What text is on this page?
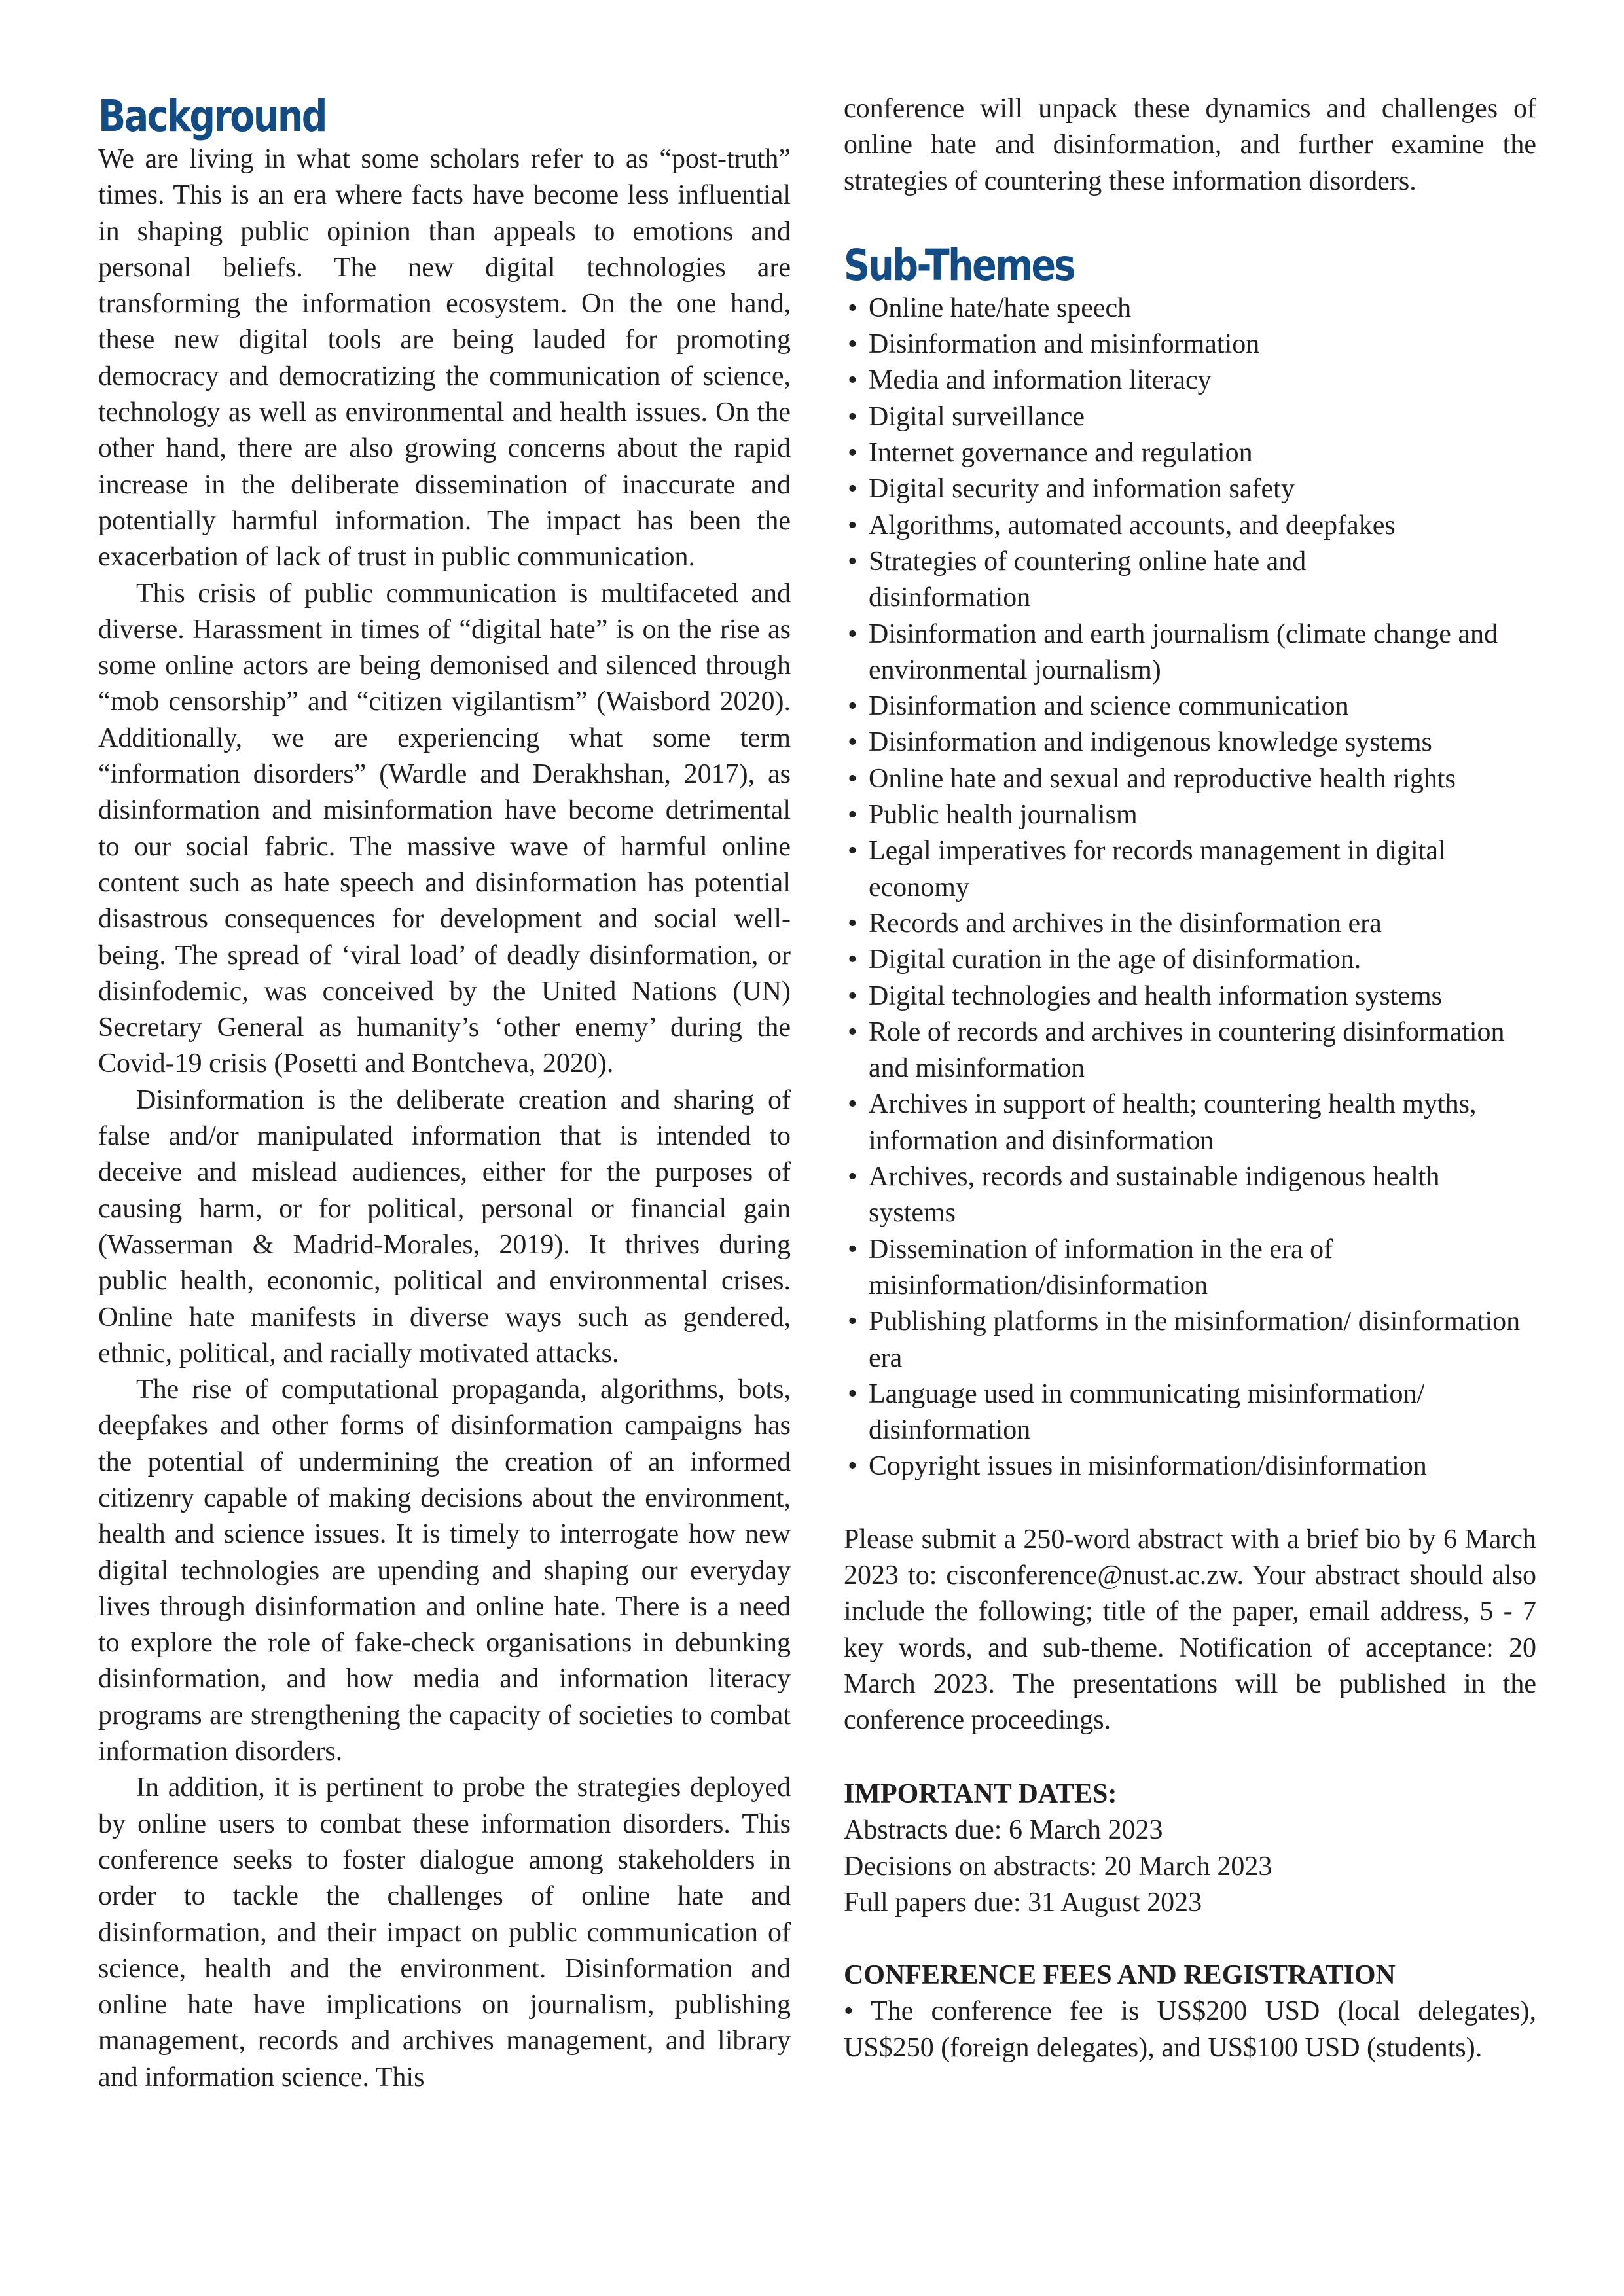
Background

We are living in what some scholars refer to as “post-truth” times. This is an era where facts have become less influential in shaping public opinion than appeals to emotions and personal beliefs. The new digital technologies are transforming the information ecosystem. On the one hand, these new digital tools are being lauded for promoting democracy and democratizing the communication of science, technology as well as environmental and health issues. On the other hand, there are also growing concerns about the rapid increase in the deliberate dissemination of inaccurate and potentially harmful information. The impact has been the exacerbation of lack of trust in public communication.

This crisis of public communication is multifaceted and diverse. Harassment in times of “digital hate” is on the rise as some online actors are being demonised and silenced through “mob censorship” and “citizen vigilantism” (Waisbord 2020). Additionally, we are experiencing what some term “information disorders” (Wardle and Derakhshan, 2017), as disinformation and misinformation have become detrimental to our social fabric. The massive wave of harmful online content such as hate speech and disinformation has potential disastrous consequences for development and social well-being. The spread of ‘viral load’ of deadly disinformation, or disinfodemic, was conceived by the United Nations (UN) Secretary General as humanity’s ‘other enemy’ during the Covid-19 crisis (Posetti and Bontcheva, 2020).

Disinformation is the deliberate creation and sharing of false and/or manipulated information that is intended to deceive and mislead audiences, either for the purposes of causing harm, or for political, personal or financial gain (Wasserman & Madrid-Morales, 2019). It thrives during public health, economic, political and environmental crises. Online hate manifests in diverse ways such as gendered, ethnic, political, and racially motivated attacks.

The rise of computational propaganda, algorithms, bots, deepfakes and other forms of disinformation campaigns has the potential of undermining the creation of an informed citizenry capable of making decisions about the environment, health and science issues. It is timely to interrogate how new digital technologies are upending and shaping our everyday lives through disinformation and online hate. There is a need to explore the role of fake-check organisations in debunking disinformation, and how media and information literacy programs are strengthening the capacity of societies to combat information disorders.

In addition, it is pertinent to probe the strategies deployed by online users to combat these information disorders. This conference seeks to foster dialogue among stakeholders in order to tackle the challenges of online hate and disinformation, and their impact on public communication of science, health and the environment. Disinformation and online hate have implications on journalism, publishing management, records and archives management, and library and information science. This

conference will unpack these dynamics and challenges of online hate and disinformation, and further examine the strategies of countering these information disorders.

Sub-Themes
• Online hate/hate speech
• Disinformation and misinformation
• Media and information literacy
• Digital surveillance
• Internet governance and regulation
• Digital security and information safety
• Algorithms, automated accounts, and deepfakes
• Strategies of countering online hate and disinformation
• Disinformation and earth journalism (climate change and environmental journalism)
• Disinformation and science communication
• Disinformation and indigenous knowledge systems
• Online hate and sexual and reproductive health rights
• Public health journalism
• Legal imperatives for records management in digital economy
• Records and archives in the disinformation era
• Digital curation in the age of disinformation.
• Digital technologies and health information systems
• Role of records and archives in countering disinformation and misinformation
• Archives in support of health; countering health myths, information and disinformation
• Archives, records and sustainable indigenous health systems
• Dissemination of information in the era of misinformation/disinformation
• Publishing platforms in the misinformation/ disinformation era
• Language used in communicating misinformation/ disinformation
• Copyright issues in misinformation/disinformation

Please submit a 250-word abstract with a brief bio by 6 March 2023 to: cisconference@nust.ac.zw. Your abstract should also include the following; title of the paper, email address, 5 - 7 key words, and sub-theme. Notification of acceptance: 20 March 2023. The presentations will be published in the conference proceedings.

IMPORTANT DATES:

Abstracts due: 6 March 2023

Decisions on abstracts: 20 March 2023

Full papers due: 31 August 2023

CONFERENCE FEES AND REGISTRATION

• The conference fee is US$200 USD (local delegates), US$250 (foreign delegates), and US$100 USD (students).
